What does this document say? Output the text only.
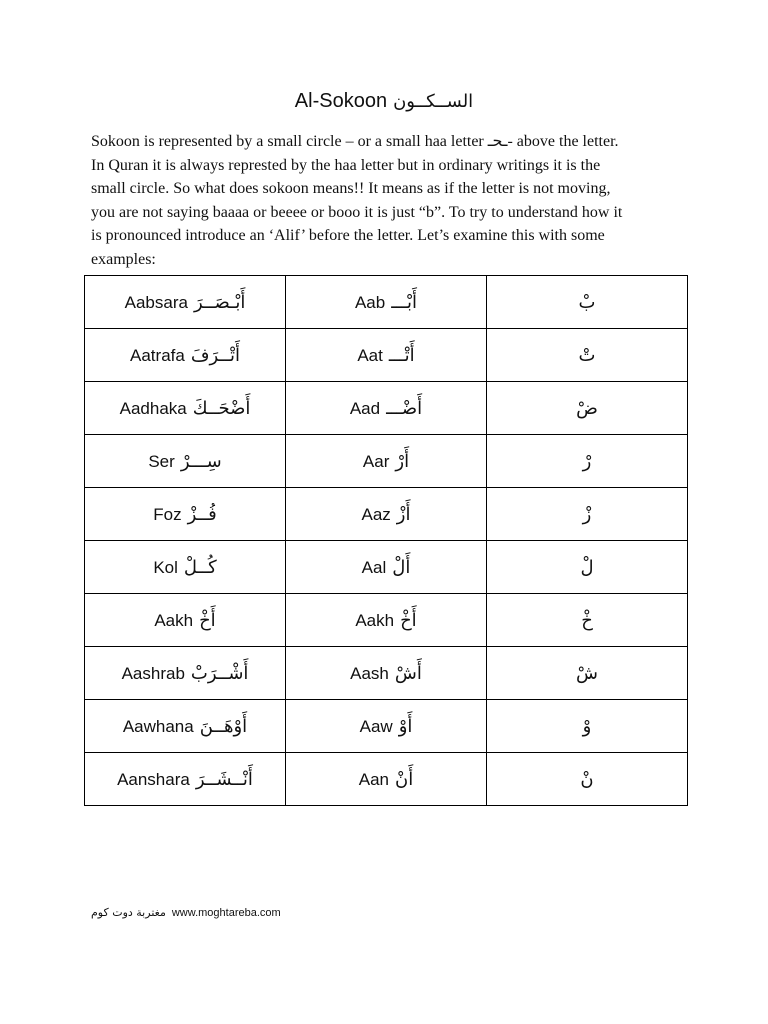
Al-Sokoon الســكــون

Sokoon is represented by a small circle – or a small haa letter ـحـ- above the letter.

In Quran it is always represted by the haa letter but in ordinary writings it is the

small circle. So what does sokoon means!! It means as if the letter is not moving,

you are not saying baaaa or beeee or booo it is just “b”. To try to understand how it

is pronounced introduce an ‘Alif’ before the letter. Let’s examine this with some

examples:

Aabsara أَبْـصَــرَ	Aab أَبْـــ	بْ
Aatrafa أَتْــرَفَ	Aat أَتْـــ	تْ
Aadhaka أَضْحَــكَ	Aad أَضْـــ	ضْ
Ser سِـــرْ	Aar أَرْ	رْ
Foz فُــزْ	Aaz أَزْ	زْ
Kol كُــلْ	Aal أَلْ	لْ
Aakh أَخْ	Aakh أَخْ	خْ
Aashrab أَشْــرَبْ	Aash أَشْ	شْ
Aawhana أَوْهَــنَ	Aaw أَوْ	وْ
Aanshara أَنْــشَــرَ	Aan أَنْ	نْ
مغتربة دوت كوم www.moghtareba.com
